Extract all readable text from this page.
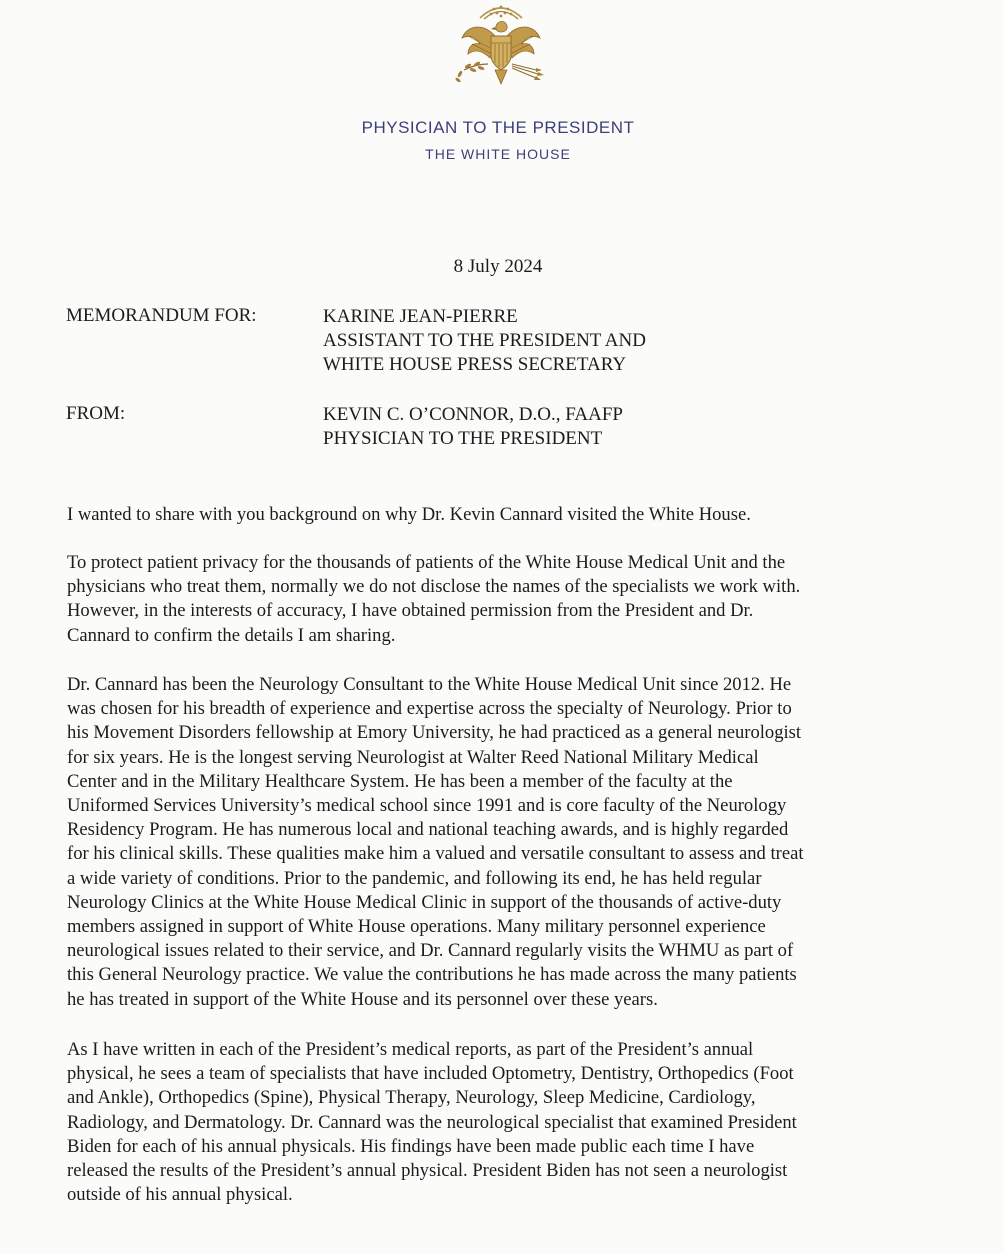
PHYSICIAN TO THE PRESIDENT
THE WHITE HOUSE
8 July 2024
MEMORANDUM FOR:	KARINE JEAN-PIERRE
ASSISTANT TO THE PRESIDENT AND
WHITE HOUSE PRESS SECRETARY
FROM:	KEVIN C. O’CONNOR, D.O., FAAFP
PHYSICIAN TO THE PRESIDENT
I wanted to share with you background on why Dr. Kevin Cannard visited the White House.
To protect patient privacy for the thousands of patients of the White House Medical Unit and the
physicians who treat them, normally we do not disclose the names of the specialists we work with.
However, in the interests of accuracy, I have obtained permission from the President and Dr.
Cannard to confirm the details I am sharing.
Dr. Cannard has been the Neurology Consultant to the White House Medical Unit since 2012. He
was chosen for his breadth of experience and expertise across the specialty of Neurology. Prior to
his Movement Disorders fellowship at Emory University, he had practiced as a general neurologist
for six years. He is the longest serving Neurologist at Walter Reed National Military Medical
Center and in the Military Healthcare System. He has been a member of the faculty at the
Uniformed Services University’s medical school since 1991 and is core faculty of the Neurology
Residency Program. He has numerous local and national teaching awards, and is highly regarded
for his clinical skills. These qualities make him a valued and versatile consultant to assess and treat
a wide variety of conditions. Prior to the pandemic, and following its end, he has held regular
Neurology Clinics at the White House Medical Clinic in support of the thousands of active-duty
members assigned in support of White House operations. Many military personnel experience
neurological issues related to their service, and Dr. Cannard regularly visits the WHMU as part of
this General Neurology practice. We value the contributions he has made across the many patients
he has treated in support of the White House and its personnel over these years.
As I have written in each of the President’s medical reports, as part of the President’s annual
physical, he sees a team of specialists that have included Optometry, Dentistry, Orthopedics (Foot
and Ankle), Orthopedics (Spine), Physical Therapy, Neurology, Sleep Medicine, Cardiology,
Radiology, and Dermatology. Dr. Cannard was the neurological specialist that examined President
Biden for each of his annual physicals. His findings have been made public each time I have
released the results of the President’s annual physical. President Biden has not seen a neurologist
outside of his annual physical.
